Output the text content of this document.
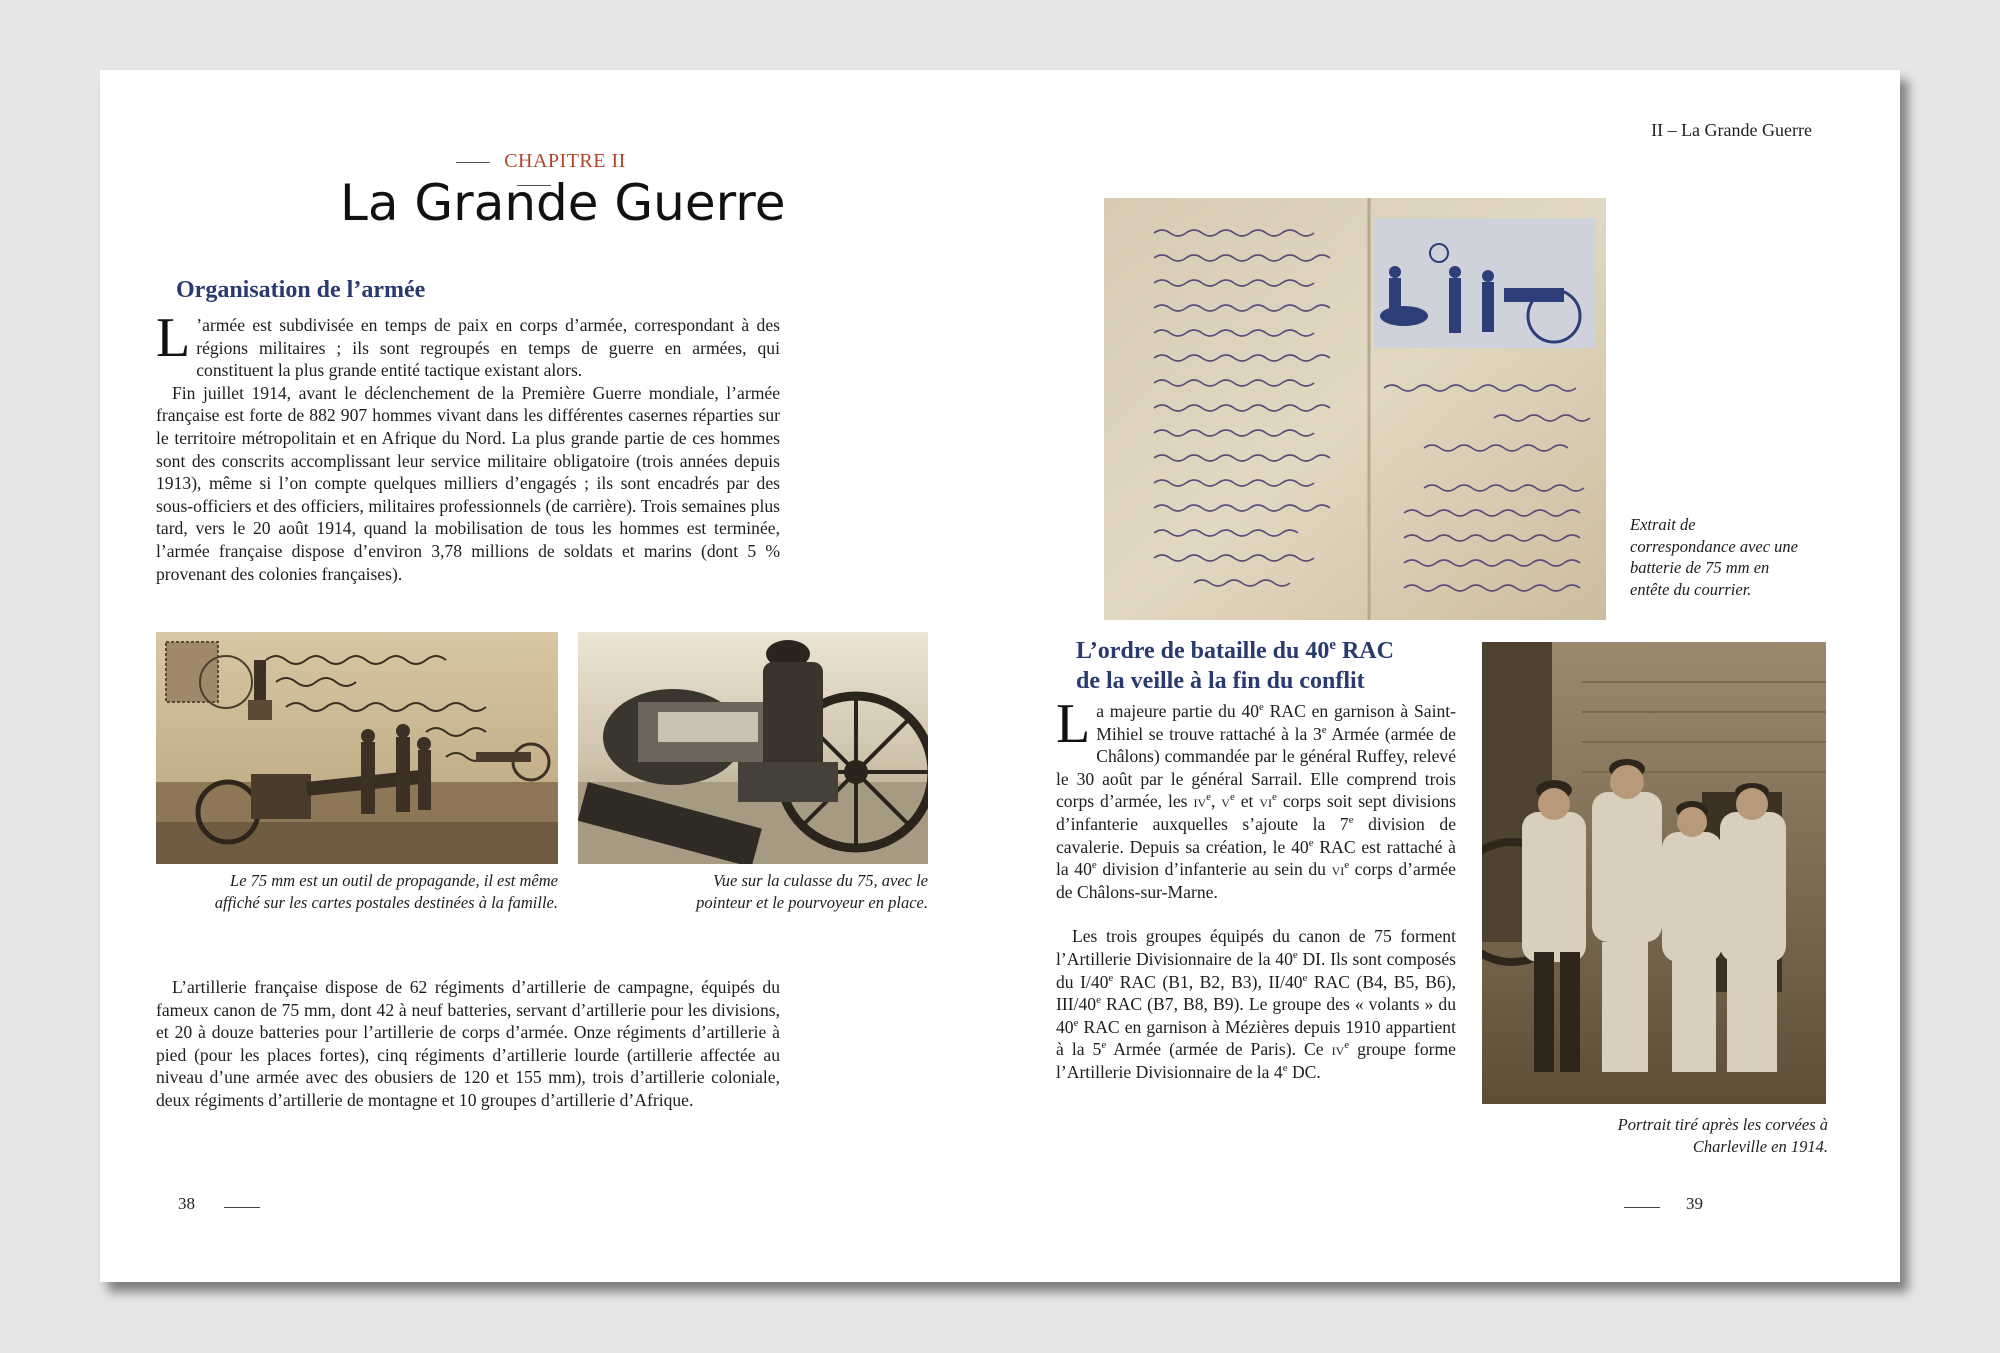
CHAPITRE II
La Grande Guerre
Organisation de l’armée

L ’armée est subdivisée en temps de paix en corps d’armée, correspondant à des régions militaires ; ils sont regroupés en temps de guerre en armées, qui constituent la plus grande entité tactique existant alors.

Fin juillet 1914, avant le déclenchement de la Première Guerre mondiale, l’armée française est forte de 882 907 hommes vivant dans les différentes casernes réparties sur le territoire métropolitain et en Afrique du Nord. La plus grande partie de ces hommes sont des conscrits accomplissant leur service militaire obligatoire (trois années depuis 1913), même si l’on compte quelques milliers d’engagés ; ils sont encadrés par des sous-officiers et des officiers, militaires professionnels (de carrière). Trois semaines plus tard, vers le 20 août 1914, quand la mobilisation de tous les hommes est terminée, l’armée française dispose d’environ 3,78 millions de soldats et marins (dont 5 % provenant des colonies françaises).

Le 75 mm est un outil de propagande, il est même affiché sur les cartes postales destinées à la famille.

Vue sur la culasse du 75, avec le pointeur et le pourvoyeur en place.

L’artillerie française dispose de 62 régiments d’artillerie de campagne, équipés du fameux canon de 75 mm, dont 42 à neuf batteries, servant d’artillerie pour les divisions, et 20 à douze batteries pour l’artillerie de corps d’armée. Onze régiments d’artillerie à pied (pour les places fortes), cinq régiments d’artillerie lourde (artillerie affectée au niveau d’une armée avec des obusiers de 120 et 155 mm), trois d’artillerie coloniale, deux régiments d’artillerie de montagne et 10 groupes d’artillerie d’Afrique.

38
II – La Grande Guerre

Extrait de correspondance avec une batterie de 75 mm en entête du courrier.

L’ordre de bataille du 40e RAC
de la veille à la fin du conflit

La majeure partie du 40e RAC en garnison à Saint-Mihiel se trouve rattaché à la 3e Armée (armée de Châlons) commandée par le général Ruffey, relevé le 30 août par le général Sarrail. Elle comprend trois corps d’armée, les $iv^e$, $v^e$ et $vi^e$ corps soit sept divisions d’infanterie auxquelles s’ajoute la 7e division de cavalerie. Depuis sa création, le 40e RAC est rattaché à la 40e division d’infanterie au sein du $vi^e$ corps d’armée de Châlons-sur-Marne.

Les trois groupes équipés du canon de 75 forment l’Artillerie Divisionnaire de la 40e DI. Ils sont composés du I/40e RAC (B1, B2, B3), II/40e RAC (B4, B5, B6), III/40e RAC (B7, B8, B9). Le groupe des « volants » du 40e RAC en garnison à Mézières depuis 1910 appartient à la 5e Armée (armée de Paris). Ce $iv^e$ groupe forme l’Artillerie Divisionnaire de la 4e DC.

Portrait tiré après les corvées à Charleville en 1914.

39
